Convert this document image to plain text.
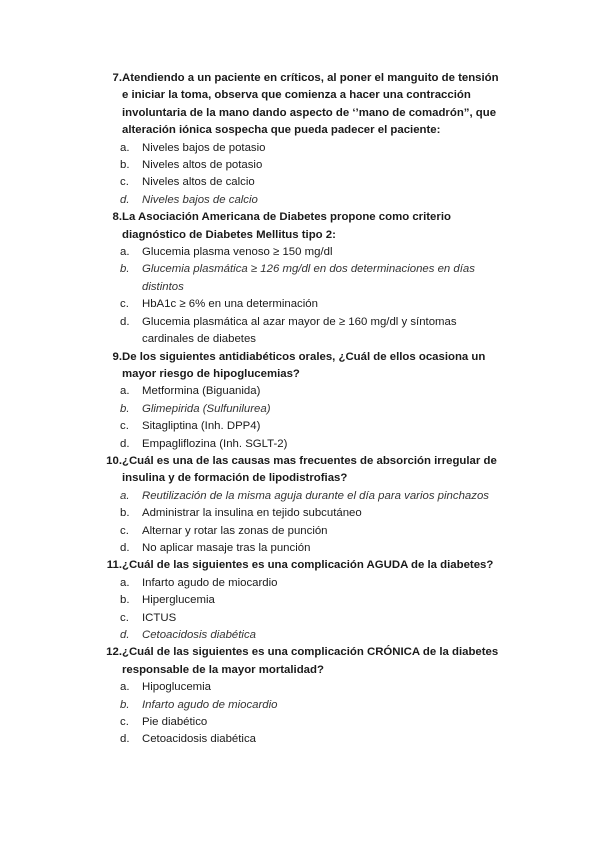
7. Atendiendo a un paciente en críticos, al poner el manguito de tensión e iniciar la toma, observa que comienza a hacer una contracción involuntaria de la mano dando aspecto de ‘’mano de comadrón”, que alteración iónica sospecha que pueda padecer el paciente:
a.	Niveles bajos de potasio
b.	Niveles altos de potasio
c.	Niveles altos de calcio
d.	Niveles bajos de calcio
8. La Asociación Americana de Diabetes propone como criterio diagnóstico de Diabetes Mellitus tipo 2:
a.	Glucemia plasma venoso ≥ 150 mg/dl
b.	Glucemia plasmática ≥ 126 mg/dl en dos determinaciones en días distintos
c.	HbA1c ≥ 6% en una determinación
d.	Glucemia plasmática al azar mayor de ≥ 160 mg/dl y síntomas cardinales de diabetes
9. De los siguientes antidiabéticos orales, ¿Cuál de ellos ocasiona un mayor riesgo de hipoglucemias?
a.	Metformina (Biguanida)
b.	Glimepirida (Sulfunilurea)
c.	Sitagliptina (Inh. DPP4)
d.	Empagliflozina (Inh. SGLT-2)
10. ¿Cuál es una de las causas mas frecuentes de absorción irregular de insulina y de formación de lipodistrofias?
a.	Reutilización de la misma aguja durante el día para varios pinchazos
b.	Administrar la insulina en tejido subcutáneo
c.	Alternar y rotar las zonas de punción
d.	No aplicar masaje tras la punción
11. ¿Cuál de las siguientes es una complicación AGUDA de la diabetes?
a.	Infarto agudo de miocardio
b.	Hiperglucemia
c.	ICTUS
d.	Cetoacidosis diabética
12. ¿Cuál de las siguientes es una complicación CRÓNICA de la diabetes responsable de la mayor mortalidad?
a.	Hipoglucemia
b.	Infarto agudo de miocardio
c.	Pie diabético
d.	Cetoacidosis diabética
